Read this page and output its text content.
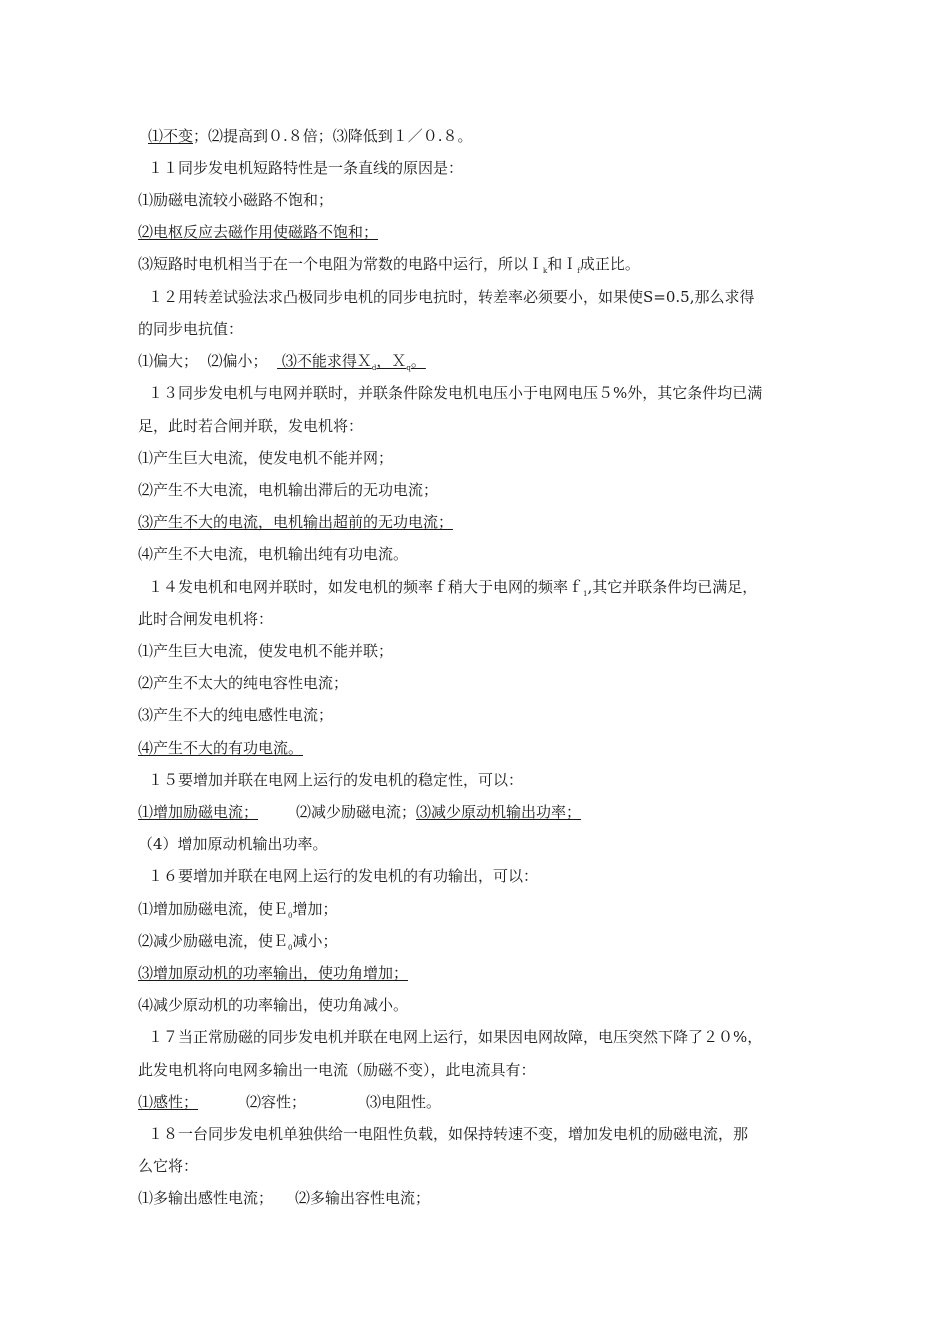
⑴不变；⑵提高到０.８倍；⑶降低到１／０.８。
１１同步发电机短路特性是一条直线的原因是：
⑴励磁电流较小磁路不饱和；
⑵电枢反应去磁作用使磁路不饱和；
⑶短路时电机相当于在一个电阻为常数的电路中运行，所以Ｉ$_k$和Ｉ$_f$成正比。
１２用转差试验法求凸极同步电机的同步电抗时，转差率必须要小，如果使S=0.5,那么求得
的同步电抗值：
⑴偏大；  ⑵偏小；   ⑶不能求得Ｘ$_d$，Ｘ$_q$。
１３同步发电机与电网并联时，并联条件除发电机电压小于电网电压５%外，其它条件均已满
足，此时若合闸并联，发电机将：
⑴产生巨大电流，使发电机不能并网；
⑵产生不大电流，电机输出滞后的无功电流；
⑶产生不大的电流，电机输出超前的无功电流；
⑷产生不大电流，电机输出纯有功电流。
１４发电机和电网并联时，如发电机的频率ｆ稍大于电网的频率ｆ$_1$,其它并联条件均已满足，
此时合闸发电机将：
⑴产生巨大电流，使发电机不能并联；
⑵产生不太大的纯电容性电流；
⑶产生不大的纯电感性电流；
⑷产生不大的有功电流。
１５要增加并联在电网上运行的发电机的稳定性，可以：
⑴增加励磁电流；	⑵减少励磁电流；⑶减少原动机输出功率；
（4）增加原动机输出功率。
１６要增加并联在电网上运行的发电机的有功输出，可以：
⑴增加励磁电流，使Ｅ$_0$增加；
⑵减少励磁电流，使Ｅ$_0$减小；
⑶增加原动机的功率输出，使功角增加；
⑷减少原动机的功率输出，使功角减小。
１７当正常励磁的同步发电机并联在电网上运行，如果因电网故障，电压突然下降了２０%，
此发电机将向电网多输出一电流（励磁不变），此电流具有：
⑴感性；	⑵容性；	⑶电阻性。
１８一台同步发电机单独供给一电阻性负载，如保持转速不变，增加发电机的励磁电流，那
么它将：
⑴多输出感性电流； ⑵多输出容性电流；
